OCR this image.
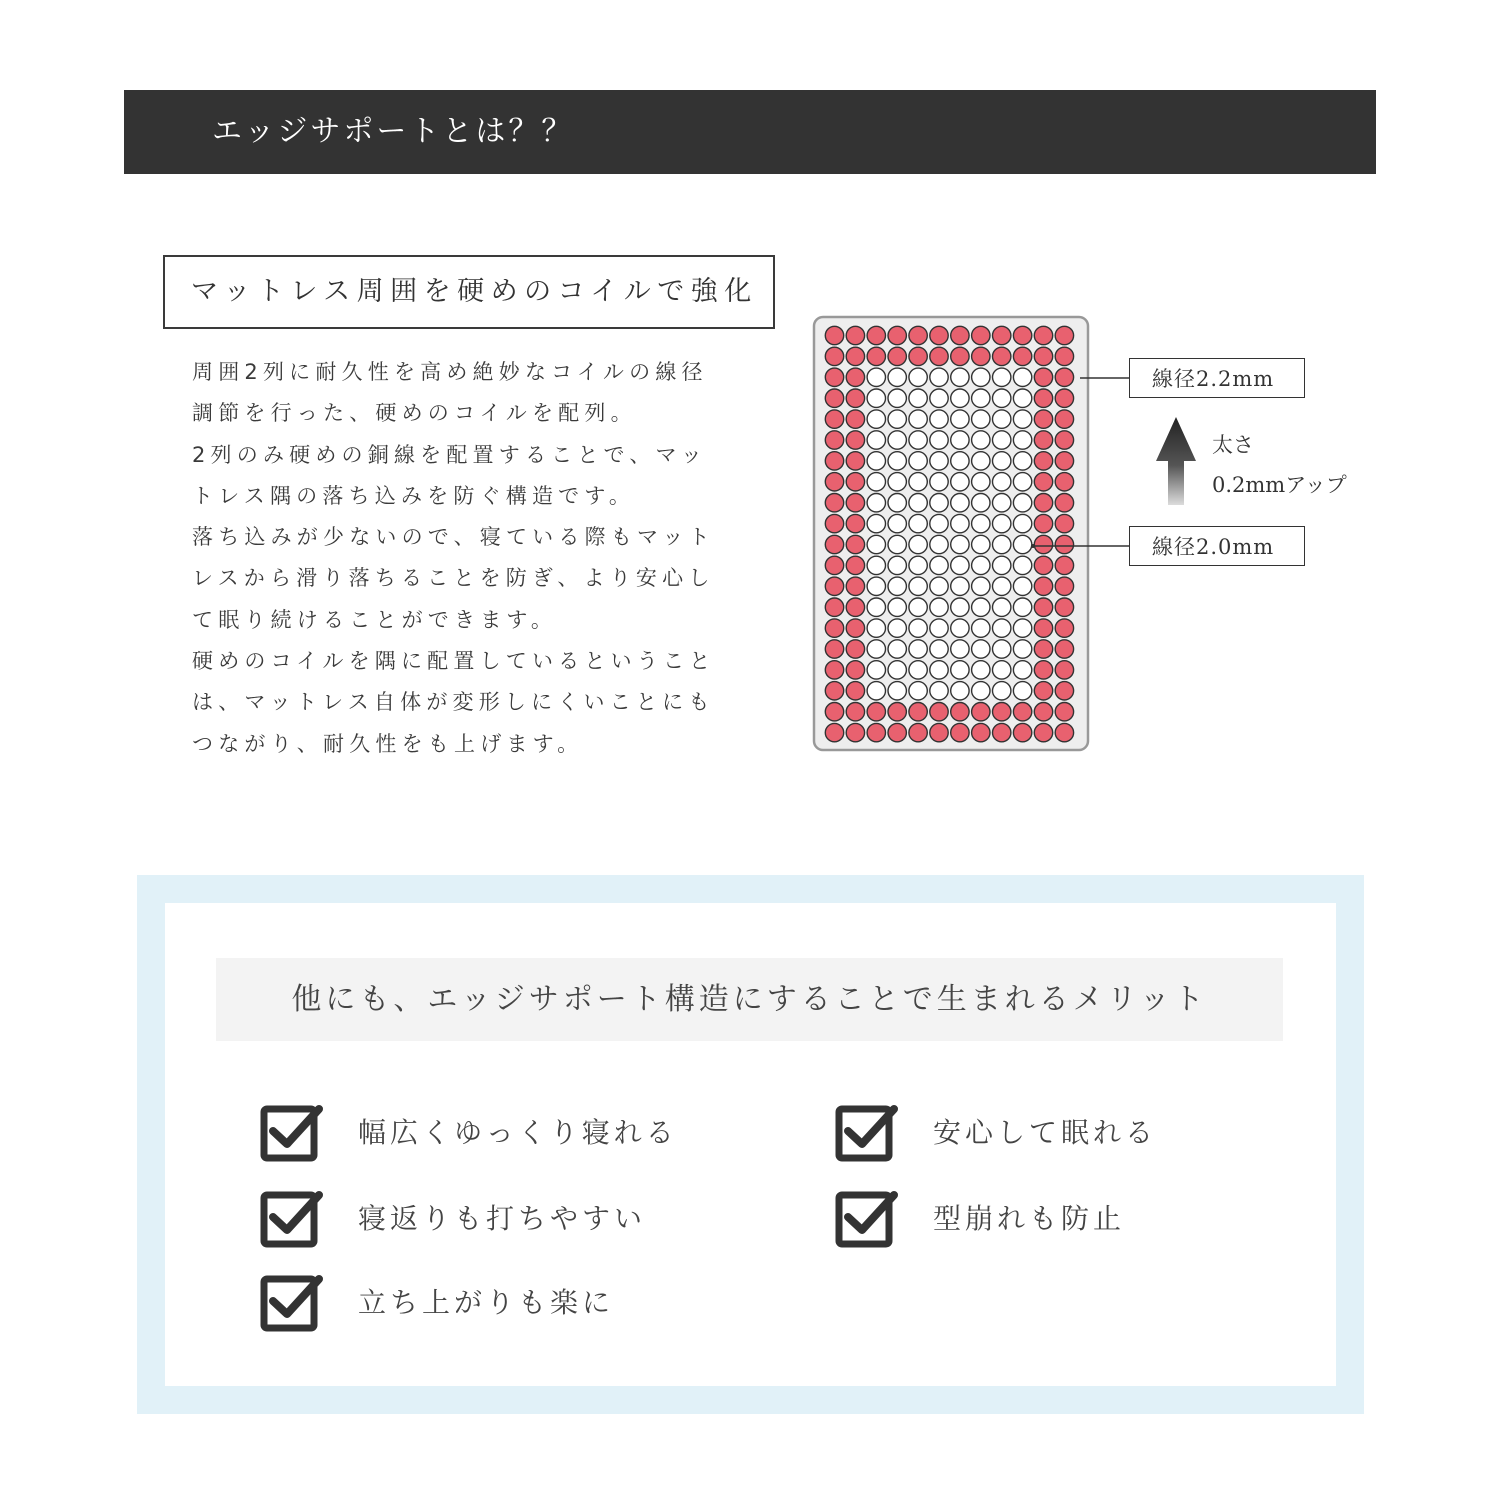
エッジサポートとは？？
マットレス周囲を硬めのコイルで強化
周囲2列に耐久性を高め絶妙なコイルの線径
調節を行った、硬めのコイルを配列。
2列のみ硬めの銅線を配置することで、マッ
トレス隅の落ち込みを防ぐ構造です。
落ち込みが少ないので、寝ている際もマット
レスから滑り落ちることを防ぎ、より安心し
て眠り続けることができます。
硬めのコイルを隅に配置しているということ
は、マットレス自体が変形しにくいことにも
つながり、耐久性をも上げます。
線径2.2mm
線径2.0mm
太さ
0.2mmアップ
他にも、エッジサポート構造にすることで生まれるメリット
幅広くゆっくり寝れる	安心して眠れる
寝返りも打ちやすい	型崩れも防止
立ち上がりも楽に
